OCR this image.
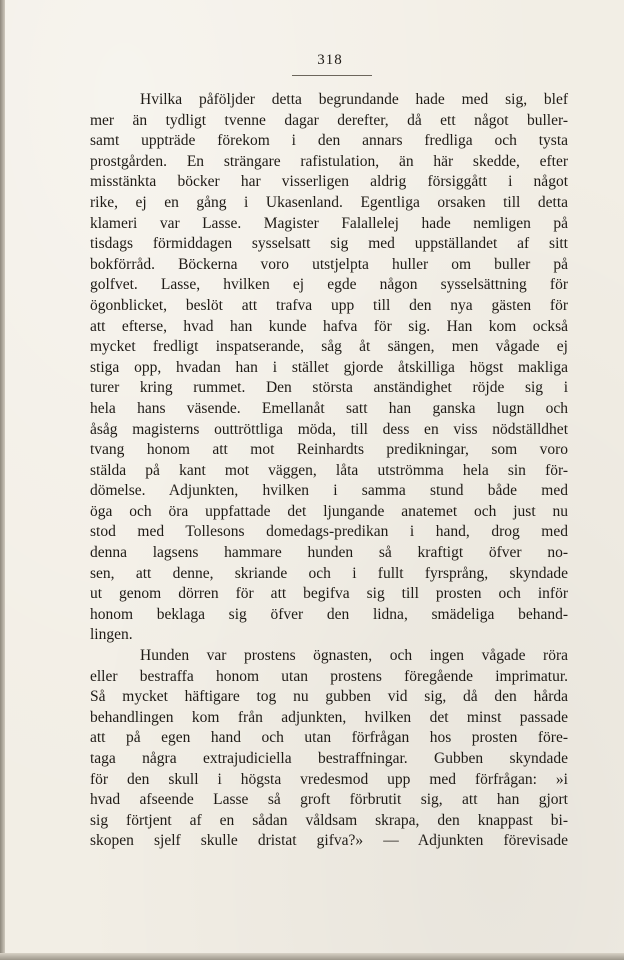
318
Hvilka påföljder detta begrundande hade med sig, blef
mer än tydligt tvenne dagar derefter, då ett något buller-
samt uppträde förekom i den annars fredliga och tysta
prostgården. En strängare rafistulation, än här skedde, efter
misstänkta böcker har visserligen aldrig försiggått i något
rike, ej en gång i Ukasenland. Egentliga orsaken till detta
klameri var Lasse. Magister Falallelej hade nemligen på
tisdags förmiddagen sysselsatt sig med uppställandet af sitt
bokförråd. Böckerna voro utstjelpta huller om buller på
golfvet. Lasse, hvilken ej egde någon sysselsättning för
ögonblicket, beslöt att trafva upp till den nya gästen för
att efterse, hvad han kunde hafva för sig. Han kom också
mycket fredligt inspatserande, såg åt sängen, men vågade ej
stiga opp, hvadan han i stället gjorde åtskilliga högst makliga
turer kring rummet. Den största anständighet röjde sig i
hela hans väsende. Emellanåt satt han ganska lugn och
åsåg magisterns outtröttliga möda, till dess en viss nödställdhet
tvang honom att mot Reinhardts predikningar, som voro
stälda på kant mot väggen, låta utströmma hela sin för-
dömelse. Adjunkten, hvilken i samma stund både med
öga och öra uppfattade det ljungande anatemet och just nu
stod med Tollesons domedags-predikan i hand, drog med
denna lagsens hammare hunden så kraftigt öfver no-
sen, att denne, skriande och i fullt fyrsprång, skyndade
ut genom dörren för att begifva sig till prosten och inför
honom beklaga sig öfver den lidna, smädeliga behand-
lingen.
Hunden var prostens ögnasten, och ingen vågade röra
eller bestraffa honom utan prostens föregående imprimatur.
Så mycket häftigare tog nu gubben vid sig, då den hårda
behandlingen kom från adjunkten, hvilken det minst passade
att på egen hand och utan förfrågan hos prosten före-
taga några extrajudiciella bestraffningar. Gubben skyndade
för den skull i högsta vredesmod upp med förfrågan: »i
hvad afseende Lasse så groft förbrutit sig, att han gjort
sig förtjent af en sådan våldsam skrapa, den knappast bi-
skopen sjelf skulle dristat gifva?» — Adjunkten förevisade
